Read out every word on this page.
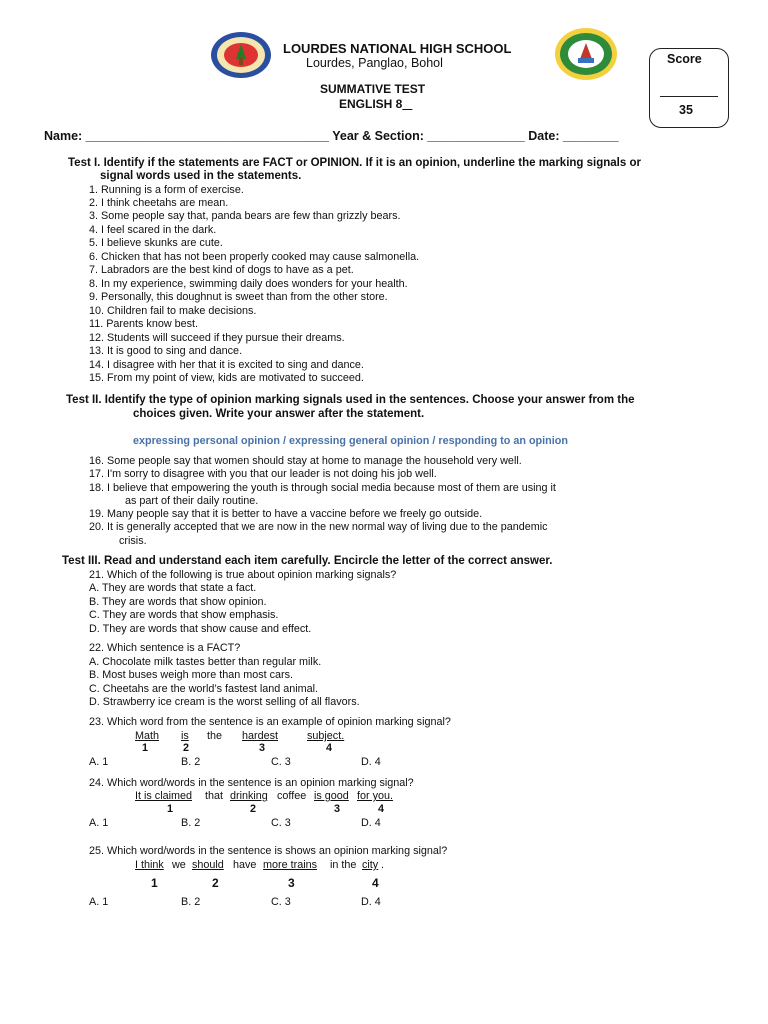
LOURDES NATIONAL HIGH SCHOOL
Lourdes, Panglao, Bohol
SUMMATIVE TEST
ENGLISH 8
Score
35
Name: ___________________________________ Year & Section: ______________ Date: ________
Test I. Identify if the statements are FACT or OPINION. If it is an opinion, underline the marking signals or
signal words used in the statements.
1. Running is a form of exercise.
2. I think cheetahs are mean.
3. Some people say that, panda bears are few than grizzly bears.
4. I feel scared in the dark.
5. I believe skunks are cute.
6. Chicken that has not been properly cooked may cause salmonella.
7. Labradors are the best kind of dogs to have as a pet.
8. In my experience, swimming daily does wonders for your health.
9. Personally, this doughnut is sweet than from the other store.
10. Children fail to make decisions.
11. Parents know best.
12. Students will succeed if they pursue their dreams.
13. It is good to sing and dance.
14. I disagree with her that it is excited to sing and dance.
15. From my point of view, kids are motivated to succeed.
Test II. Identify the type of opinion marking signals used in the sentences. Choose your answer from the
choices given. Write your answer after the statement.
expressing personal opinion / expressing general opinion / responding to an opinion
16. Some people say that women should stay at home to manage the household very well.
17. I'm sorry to disagree with you that our leader is not doing his job well.
18. I believe that empowering the youth is through social media because most of them are using it
as part of their daily routine.
19. Many people say that it is better to have a vaccine before we freely go outside.
20. It is generally accepted that we are now in the new normal way of living due to the pandemic
crisis.
Test III. Read and understand each item carefully. Encircle the letter of the correct answer.
21. Which of the following is true about opinion marking signals?
A. They are words that state a fact.
B. They are words that show opinion.
C. They are words that show emphasis.
D. They are words that show cause and effect.
22. Which sentence is a FACT?
A. Chocolate milk tastes better than regular milk.
B. Most buses weigh more than most cars.
C. Cheetahs are the world’s fastest land animal.
D. Strawberry ice cream is the worst selling of all flavors.
23. Which word from the sentence is an example of opinion marking signal?
Math is the hardest	subject.
1	2	3	4
A. 1	B. 2	C. 3	D. 4
24. Which word/words in the sentence is an opinion marking signal?
It is claimed that drinking coffee is good for you.
1	2	3	4
A. 1	B. 2	C. 3	D. 4
25. Which word/words in the sentence is shows an opinion marking signal?
I think we should have more trains in the city .
1	2	3	4
A. 1	B. 2	C. 3	D. 4
